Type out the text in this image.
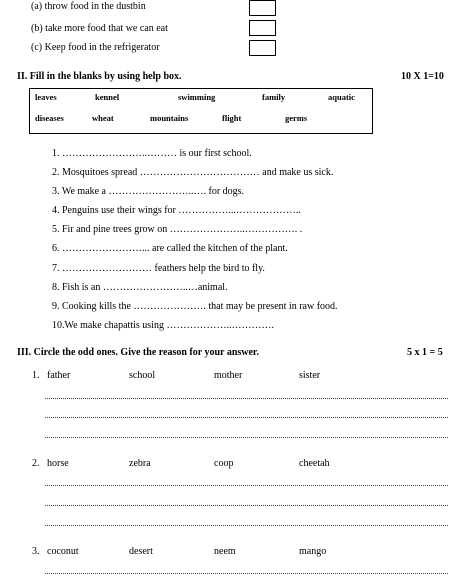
(a) throw food in the dustbin
(b) take more food that we can eat
(c) Keep food in the refrigerator
II. Fill in the blanks by using help box.	10 X 1=10
leaves	kennel	swimming	family	aquatic
diseases	wheat	mountains	flight	germs
1. ……………………..……… is our first school.
2. Mosquitoes spread ……………………………… and make us sick.
3. We make a ……………………..…. for dogs.
4. Penguins use their wings for ……………...………………..
5. Fir and pine trees grow on …………………..……………. .
6. ……………………... are called the kitchen of the plant.
7. ……………………… feathers help the bird to fly.
8. Fish is an ……………………..…animal.
9. Cooking kills the …………………. that may be present in raw food.
10.We make chapattis using ………………..………….
III. Circle the odd ones. Give the reason for your answer.	5 x 1 = 5
1. father	school	mother	sister
2. horse	zebra	coop	cheetah
3. coconut	desert	neem	mango
